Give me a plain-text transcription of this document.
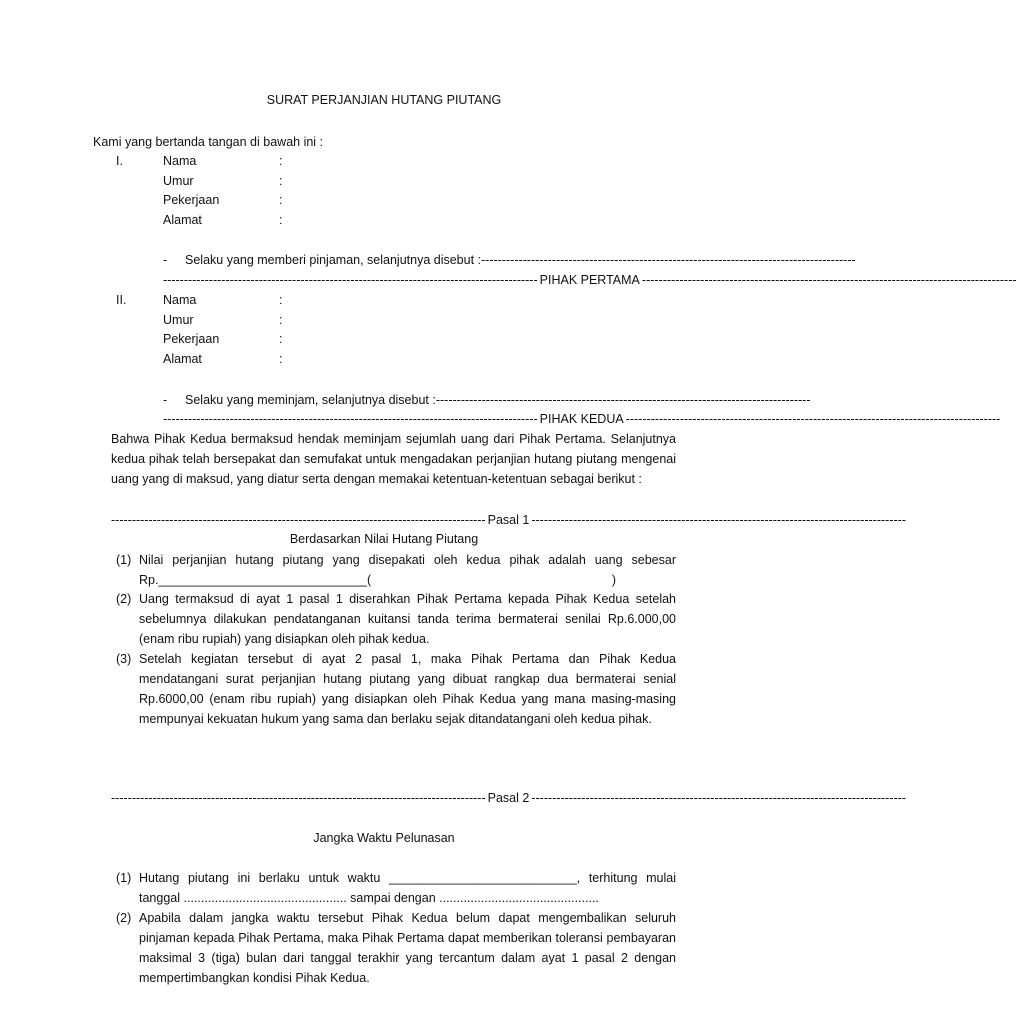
SURAT PERJANJIAN HUTANG PIUTANG
Kami yang bertanda tangan di bawah ini :
I.	Nama	:
Umur	:
Pekerjaan	:
Alamat	:
- Selaku yang memberi pinjaman, selanjutnya disebut : ------------------------------------------------------------------------------------------
------------------------------------------------------------------------------------------ PIHAK PERTAMA ------------------------------------------------------------------------------------------
II.	Nama	:
Umur	:
Pekerjaan	:
Alamat	:
- Selaku yang meminjam, selanjutnya disebut : ------------------------------------------------------------------------------------------
------------------------------------------------------------------------------------------ PIHAK KEDUA ------------------------------------------------------------------------------------------
Bahwa Pihak Kedua bermaksud hendak meminjam sejumlah uang dari Pihak Pertama. Selanjutnya kedua pihak telah bersepakat dan semufakat untuk mengadakan perjanjian hutang piutang mengenai uang yang di maksud, yang diatur serta dengan memakai ketentuan-ketentuan sebagai berikut :
------------------------------------------------------------------------------------------ Pasal 1 ------------------------------------------------------------------------------------------
Berdasarkan Nilai Hutang Piutang
(1) Nilai perjanjian hutang piutang yang disepakati oleh kedua pihak adalah uang sebesar
Rp.______________________________(	)
(2) Uang termaksud di ayat 1 pasal 1 diserahkan Pihak Pertama kepada Pihak Kedua setelah sebelumnya dilakukan pendatanganan kuitansi tanda terima bermaterai senilai Rp.6.000,00 (enam ribu rupiah) yang disiapkan oleh pihak kedua.
(3) Setelah kegiatan tersebut di ayat 2 pasal 1, maka Pihak Pertama dan Pihak Kedua mendatangani surat perjanjian hutang piutang yang dibuat rangkap dua bermaterai senial Rp.6000,00 (enam ribu rupiah) yang disiapkan oleh Pihak Kedua yang mana masing-masing mempunyai kekuatan hukum yang sama dan berlaku sejak ditandatangani oleh kedua pihak.
------------------------------------------------------------------------------------------ Pasal 2 ------------------------------------------------------------------------------------------
Jangka Waktu Pelunasan
(1) Hutang piutang ini berlaku untuk waktu ___________________________, terhitung mulai tanggal ............................................... sampai dengan ..............................................
(2) Apabila dalam jangka waktu tersebut Pihak Kedua belum dapat mengembalikan seluruh pinjaman kepada Pihak Pertama, maka Pihak Pertama dapat memberikan toleransi pembayaran maksimal 3 (tiga) bulan dari tanggal terakhir yang tercantum dalam ayat 1 pasal 2 dengan mempertimbangkan kondisi Pihak Kedua.
